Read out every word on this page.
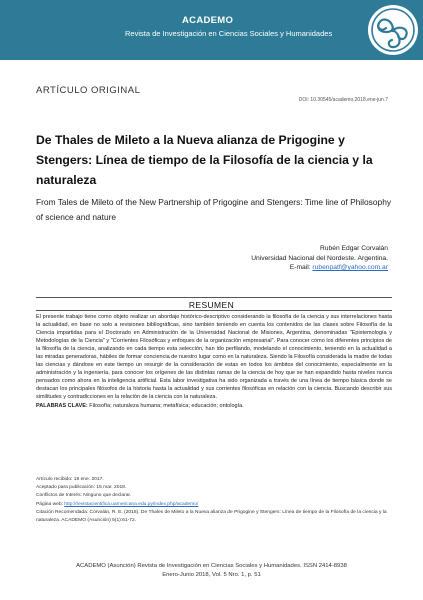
ACADEMO
Revista de Investigación en Ciencias Sociales y Humanidades
ARTÍCULO ORIGINAL
DOI: 10.30545/academo.2018.ene-jun.7
De Thales de Mileto a la Nueva alianza de Prigogine y Stengers: Línea de tiempo de la Filosofía de la ciencia y la naturaleza
From Tales de Mileto of the New Partnership of Prigogine and Stengers: Time line of Philosophy of science and nature
Rubén Edgar Corvalán
Universidad Nacional del Nordeste. Argentina.
E-mail: rubenpatf@yahoo.com.ar
RESUMEN
El presente trabajo tiene como objeto realizar un abordaje histórico-descriptivo considerando la filosofía de la ciencia y sus interrelaciones hasta la actualidad, en base no solo a revisiones bibliográficas, sino también teniendo en cuenta los contenidos de las clases sobre Filosofía de la Ciencia impartidas para el Doctorado en Administración de la Universidad Nacional de Misiones, Argentina, denominadas "Epistemología y Metodologías de la Ciencia" y "Corrientes Filosóficas y enfoques de la organización empresarial". Para conocer cómo los diferentes principios de la filosofía de la ciencia, analizando en cada tiempo esta selección, han ido perfilando, modelando el conocimiento, teniendo en la actualidad a las miradas generadoras, hábiles de formar conciencia de nuestro lugar como en la naturaleza. Siendo la Filosofía considerada la madre de todas las ciencias y dándose en este tiempo un resurgir de la consideración de estas en todos los ámbitos del conocimiento, especialmente en la administración y la ingeniería, para conocer los orígenes de las distintas ramas de la ciencia de hoy que se han expandido hasta niveles nunca pensados como ahora en la inteligencia artificial. Esta labor investigativa ha sido organizada a través de una línea de tiempo básica donde se destacan los principales filósofos de la historia hasta la actualidad y sus corrientes filosóficas en relación con la ciencia. Buscando describir sus similitudes y contradicciones en la relación de la ciencia con la naturaleza.
PALABRAS CLAVE: Filosofía; naturaleza humana; metafísica; educación; ontología.
Artículo recibido: 18 ene. 2017.
Aceptado para publicación: 15 mar. 2018.
Conflictos de Interés: Ninguno que declarar.
Página web: http://revistacientifica.uamericana.edu.py/index.php/academo/
Citación Recomendada: Corvalán, R. E. (2018). De Thales de Mileto a la Nueva alianza de Prigogine y Stengers: Línea de tiempo de la Filosofía de la ciencia y la naturaleza. ACADEMO (Asunción) 5(1):61-72.
ACADEMO (Asunción) Revista de Investigación en Ciencias Sociales y Humanidades. ISSN 2414-8938
Enero-Junio 2018, Vol. 5 Nro. 1, p. 51
